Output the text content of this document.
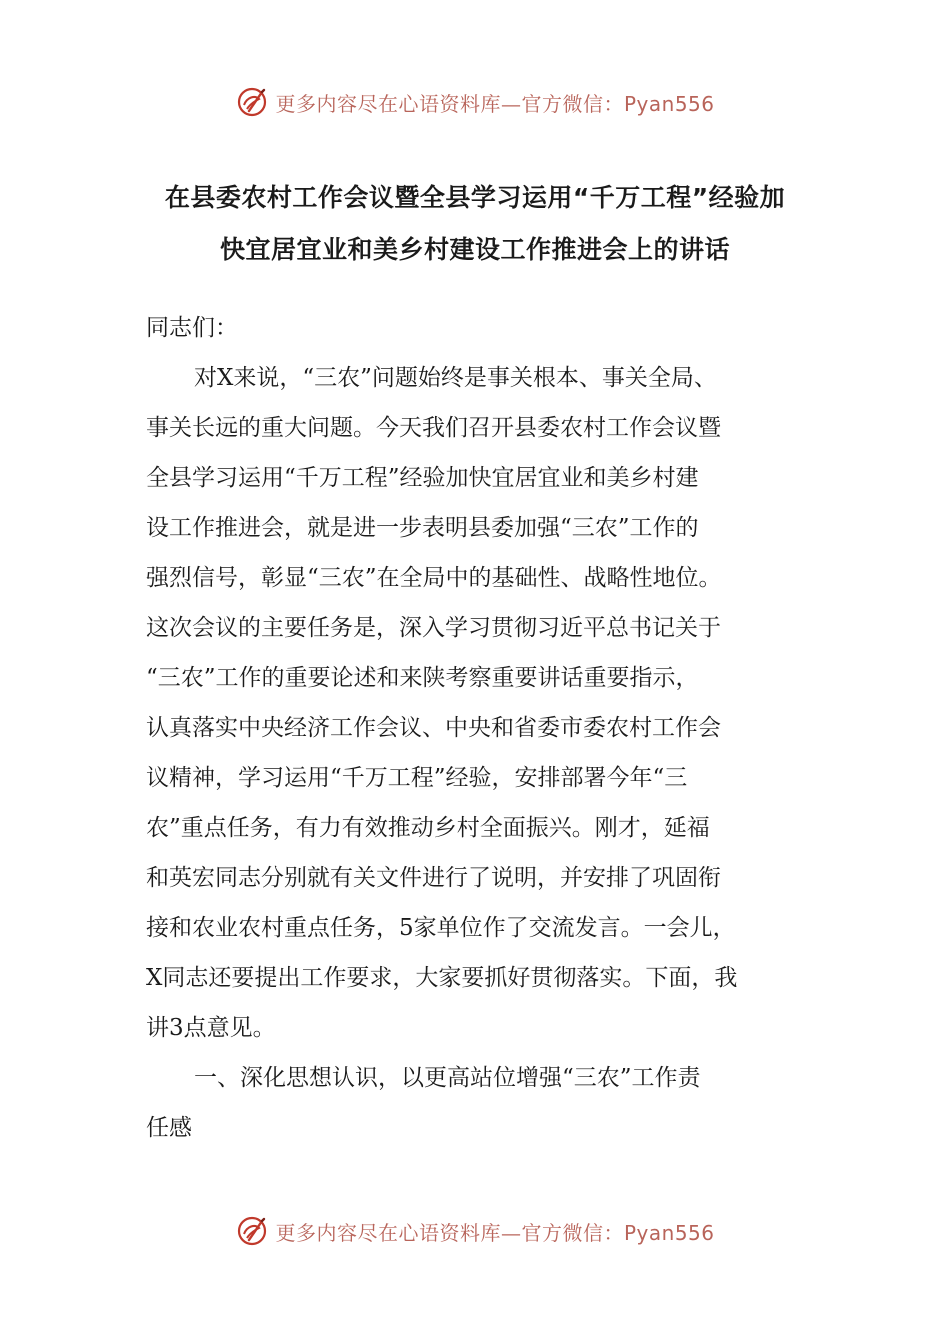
更多内容尽在心语资料库—官方微信：Pyan556
在县委农村工作会议暨全县学习运用“千万工程”经验加
快宜居宜业和美乡村建设工作推进会上的讲话
同志们：
对X来说，“三农”问题始终是事关根本、事关全局、
事关长远的重大问题。今天我们召开县委农村工作会议暨
全县学习运用“千万工程”经验加快宜居宜业和美乡村建
设工作推进会，就是进一步表明县委加强“三农”工作的
强烈信号，彰显“三农”在全局中的基础性、战略性地位。
这次会议的主要任务是，深入学习贯彻习近平总书记关于
“三农”工作的重要论述和来陕考察重要讲话重要指示，
认真落实中央经济工作会议、中央和省委市委农村工作会
议精神，学习运用“千万工程”经验，安排部署今年“三
农”重点任务，有力有效推动乡村全面振兴。刚才，延福
和英宏同志分别就有关文件进行了说明，并安排了巩固衔
接和农业农村重点任务，5家单位作了交流发言。一会儿，
X同志还要提出工作要求，大家要抓好贯彻落实。下面，我
讲3点意见。
一、深化思想认识，以更高站位增强“三农”工作责
任感
更多内容尽在心语资料库—官方微信：Pyan556
